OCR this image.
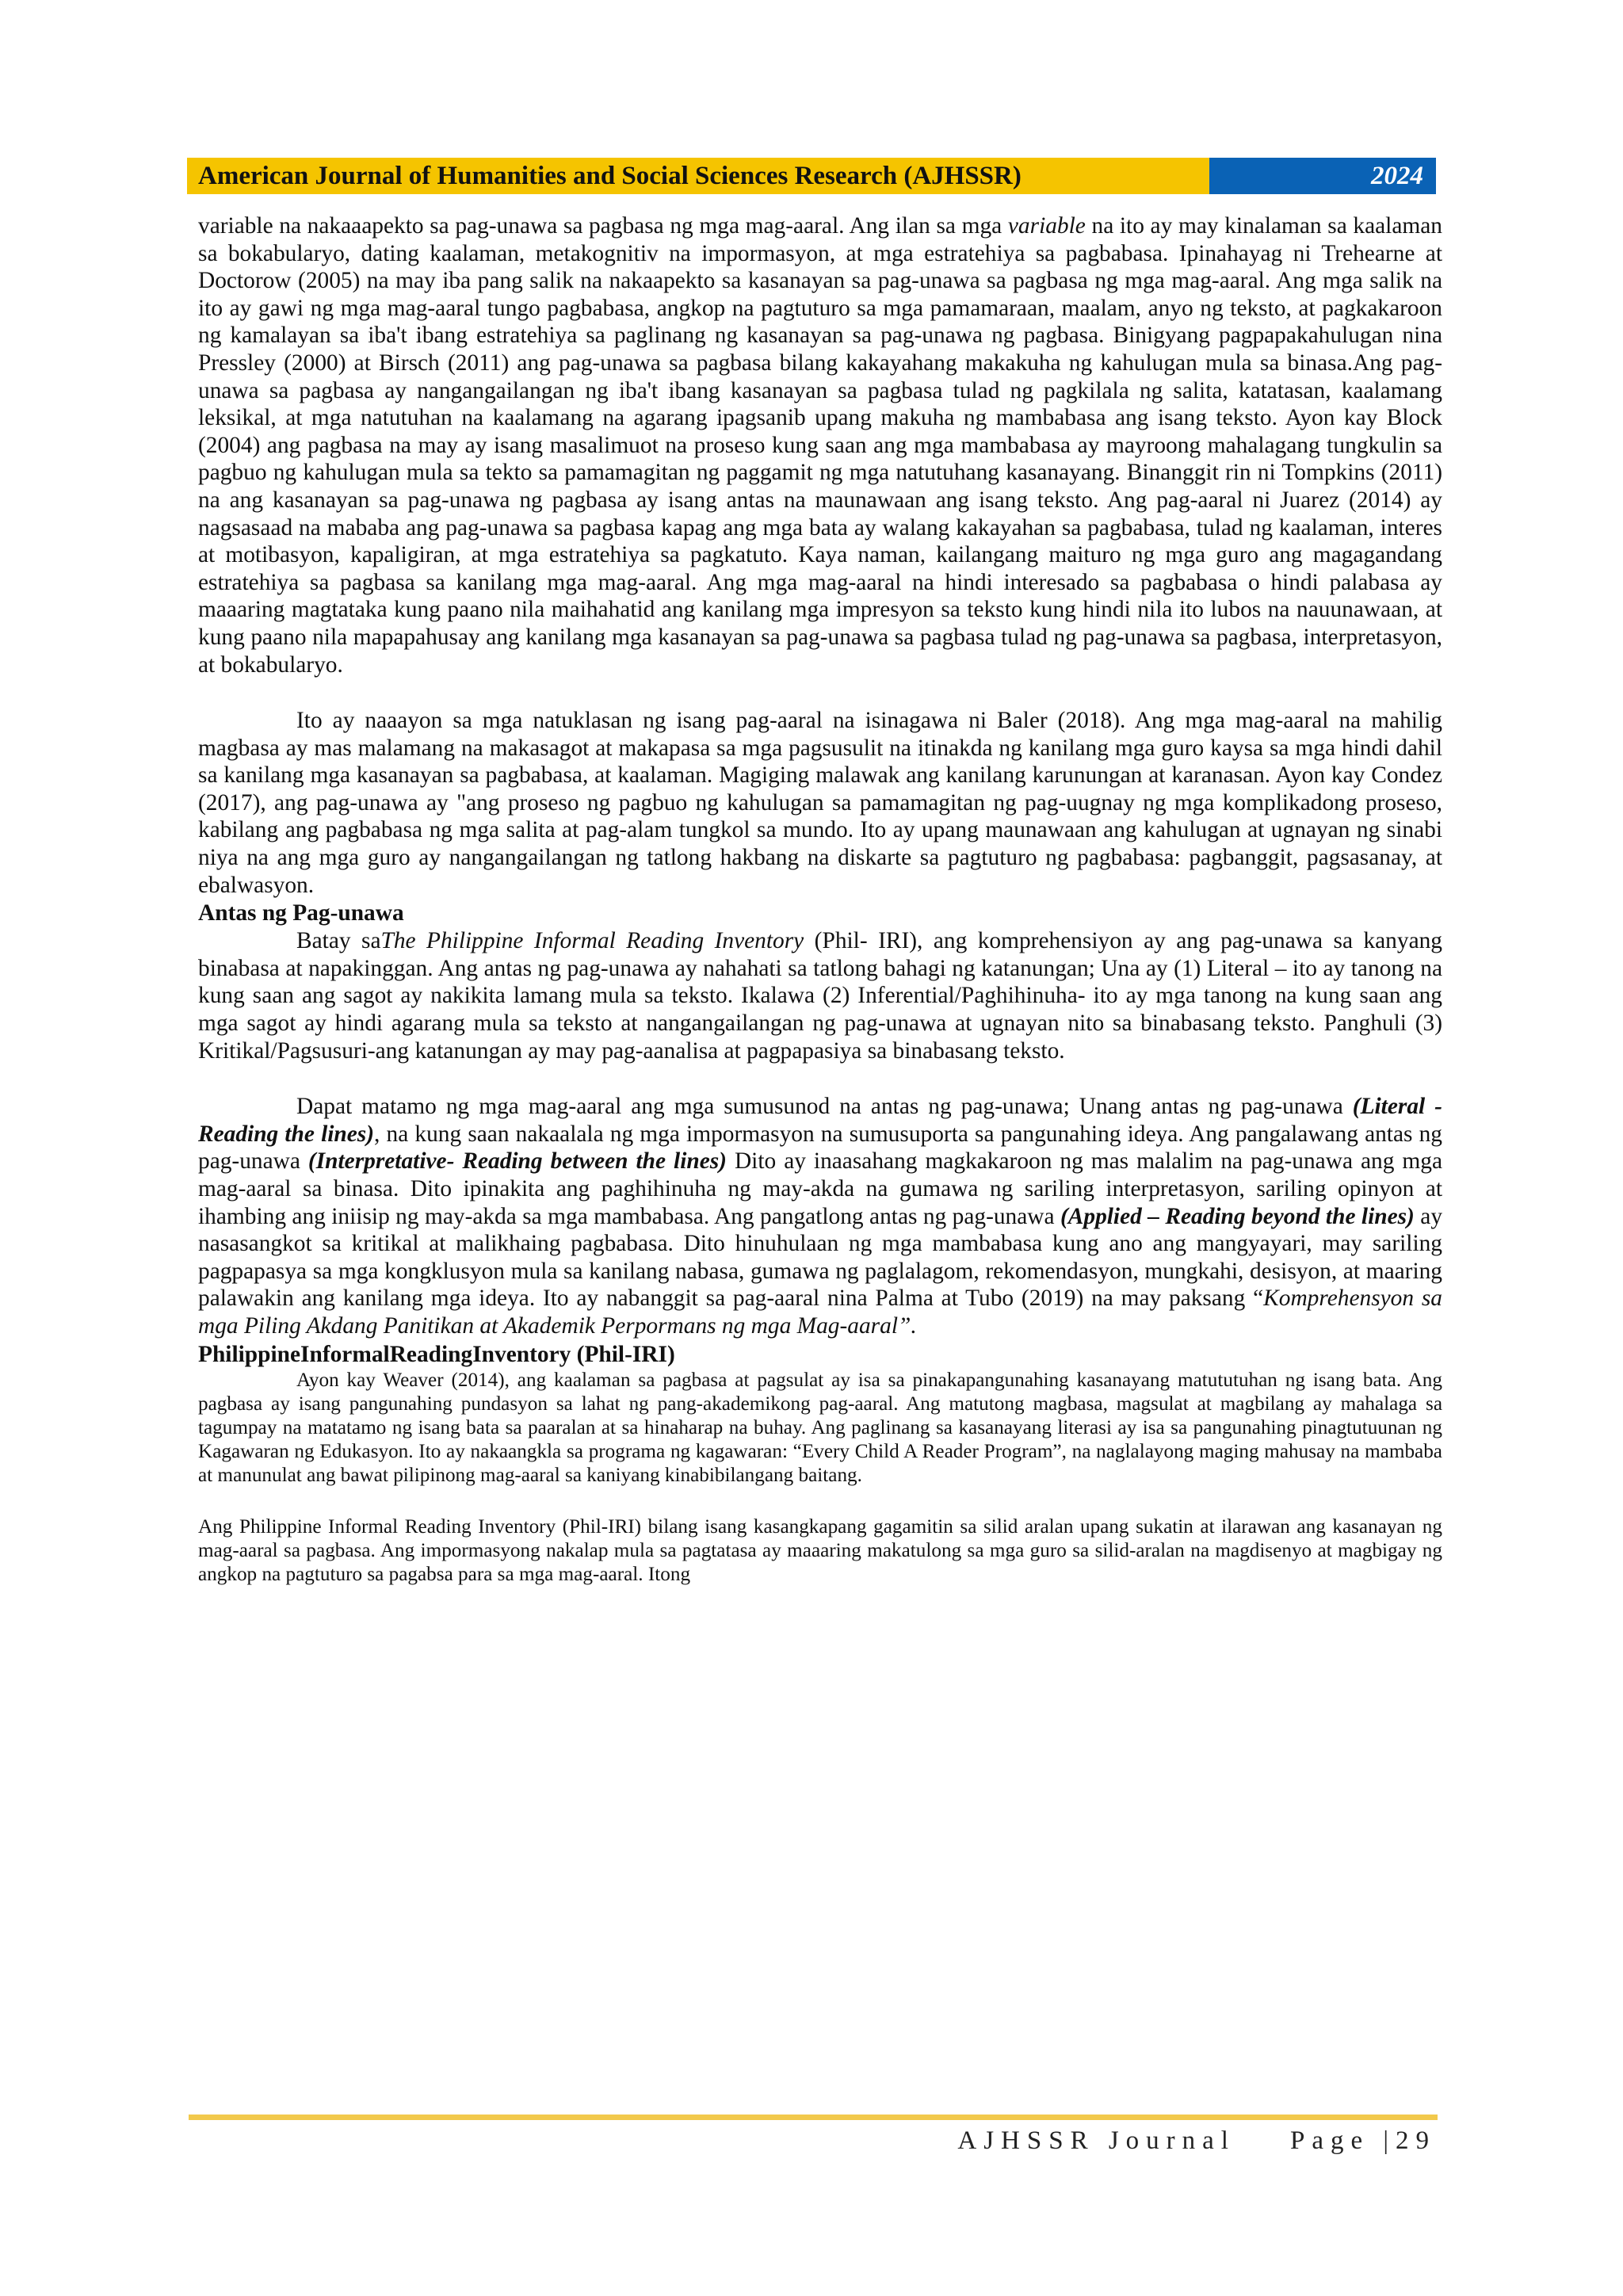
American Journal of Humanities and Social Sciences Research (AJHSSR)	2024

variable na nakaaapekto sa pag-unawa sa pagbasa ng mga mag-aaral. Ang ilan sa mga variable na ito ay may kinalaman sa kaalaman sa bokabularyo, dating kaalaman, metakognitiv na impormasyon, at mga estratehiya sa pagbabasa. Ipinahayag ni Trehearne at Doctorow (2005) na may iba pang salik na nakaapekto sa kasanayan sa pag-unawa sa pagbasa ng mga mag-aaral. Ang mga salik na ito ay gawi ng mga mag-aaral tungo pagbabasa, angkop na pagtuturo sa mga pamamaraan, maalam, anyo ng teksto, at pagkakaroon ng kamalayan sa iba't ibang estratehiya sa paglinang ng kasanayan sa pag-unawa ng pagbasa. Binigyang pagpapakahulugan nina Pressley (2000) at Birsch (2011) ang pag-unawa sa pagbasa bilang kakayahang makakuha ng kahulugan mula sa binasa.Ang pag-unawa sa pagbasa ay nangangailangan ng iba't ibang kasanayan sa pagbasa tulad ng pagkilala ng salita, katatasan, kaalamang leksikal, at mga natutuhan na kaalamang na agarang ipagsanib upang makuha ng mambabasa ang isang teksto. Ayon kay Block (2004) ang pagbasa na may ay isang masalimuot na proseso kung saan ang mga mambabasa ay mayroong mahalagang tungkulin sa pagbuo ng kahulugan mula sa tekto sa pamamagitan ng paggamit ng mga natutuhang kasanayang. Binanggit rin ni Tompkins (2011) na ang kasanayan sa pag-unawa ng pagbasa ay isang antas na maunawaan ang isang teksto. Ang pag-aaral ni Juarez (2014) ay nagsasaad na mababa ang pag-unawa sa pagbasa kapag ang mga bata ay walang kakayahan sa pagbabasa, tulad ng kaalaman, interes at motibasyon, kapaligiran, at mga estratehiya sa pagkatuto. Kaya naman, kailangang maituro ng mga guro ang magagandang estratehiya sa pagbasa sa kanilang mga mag-aaral. Ang mga mag-aaral na hindi interesado sa pagbabasa o hindi palabasa ay maaaring magtataka kung paano nila maihahatid ang kanilang mga impresyon sa teksto kung hindi nila ito lubos na nauunawaan, at kung paano nila mapapahusay ang kanilang mga kasanayan sa pag-unawa sa pagbasa tulad ng pag-unawa sa pagbasa, interpretasyon, at bokabularyo.

Ito ay naaayon sa mga natuklasan ng isang pag-aaral na isinagawa ni Baler (2018). Ang mga mag-aaral na mahilig magbasa ay mas malamang na makasagot at makapasa sa mga pagsusulit na itinakda ng kanilang mga guro kaysa sa mga hindi dahil sa kanilang mga kasanayan sa pagbabasa, at kaalaman. Magiging malawak ang kanilang karunungan at karanasan. Ayon kay Condez (2017), ang pag-unawa ay "ang proseso ng pagbuo ng kahulugan sa pamamagitan ng pag-uugnay ng mga komplikadong proseso, kabilang ang pagbabasa ng mga salita at pag-alam tungkol sa mundo. Ito ay upang maunawaan ang kahulugan at ugnayan ng sinabi niya na ang mga guro ay nangangailangan ng tatlong hakbang na diskarte sa pagtuturo ng pagbabasa: pagbanggit, pagsasanay, at ebalwasyon.

Antas ng Pag-unawa

Batay saThe Philippine Informal Reading Inventory (Phil- IRI), ang komprehensiyon ay ang pag-unawa sa kanyang binabasa at napakinggan. Ang antas ng pag-unawa ay nahahati sa tatlong bahagi ng katanungan; Una ay (1) Literal – ito ay tanong na kung saan ang sagot ay nakikita lamang mula sa teksto. Ikalawa (2) Inferential/Paghihinuha- ito ay mga tanong na kung saan ang mga sagot ay hindi agarang mula sa teksto at nangangailangan ng pag-unawa at ugnayan nito sa binabasang teksto. Panghuli (3) Kritikal/Pagsusuri-ang katanungan ay may pag-aanalisa at pagpapasiya sa binabasang teksto.

Dapat matamo ng mga mag-aaral ang mga sumusunod na antas ng pag-unawa; Unang antas ng pag-unawa (Literal - Reading the lines), na kung saan nakaalala ng mga impormasyon na sumusuporta sa pangunahing ideya. Ang pangalawang antas ng pag-unawa (Interpretative- Reading between the lines) Dito ay inaasahang magkakaroon ng mas malalim na pag-unawa ang mga mag-aaral sa binasa. Dito ipinakita ang paghihinuha ng may-akda na gumawa ng sariling interpretasyon, sariling opinyon at ihambing ang iniisip ng may-akda sa mga mambabasa. Ang pangatlong antas ng pag-unawa (Applied – Reading beyond the lines) ay nasasangkot sa kritikal at malikhaing pagbabasa. Dito hinuhulaan ng mga mambabasa kung ano ang mangyayari, may sariling pagpapasya sa mga kongklusyon mula sa kanilang nabasa, gumawa ng paglalagom, rekomendasyon, mungkahi, desisyon, at maaring palawakin ang kanilang mga ideya. Ito ay nabanggit sa pag-aaral nina Palma at Tubo (2019) na may paksang “Komprehensyon sa mga Piling Akdang Panitikan at Akademik Perpormans ng mga Mag-aaral”.

PhilippineInformalReadingInventory (Phil-IRI)

Ayon kay Weaver (2014), ang kaalaman sa pagbasa at pagsulat ay isa sa pinakapangunahing kasanayang matututuhan ng isang bata. Ang pagbasa ay isang pangunahing pundasyon sa lahat ng pang-akademikong pag-aaral. Ang matutong magbasa, magsulat at magbilang ay mahalaga sa tagumpay na matatamo ng isang bata sa paaralan at sa hinaharap na buhay. Ang paglinang sa kasanayang literasi ay isa sa pangunahing pinagtutuunan ng Kagawaran ng Edukasyon. Ito ay nakaangkla sa programa ng kagawaran: “Every Child A Reader Program”, na naglalayong maging mahusay na mambaba at manunulat ang bawat pilipinong mag-aaral sa kaniyang kinabibilangang baitang.

Ang Philippine Informal Reading Inventory (Phil-IRI) bilang isang kasangkapang gagamitin sa silid aralan upang sukatin at ilarawan ang kasanayan ng mag-aaral sa pagbasa. Ang impormasyong nakalap mula sa pagtatasa ay maaaring makatulong sa mga guro sa silid-aralan na magdisenyo at magbigay ng angkop na pagtuturo sa pagabsa para sa mga mag-aaral. Itong

AJHSSR Journal Page |29
